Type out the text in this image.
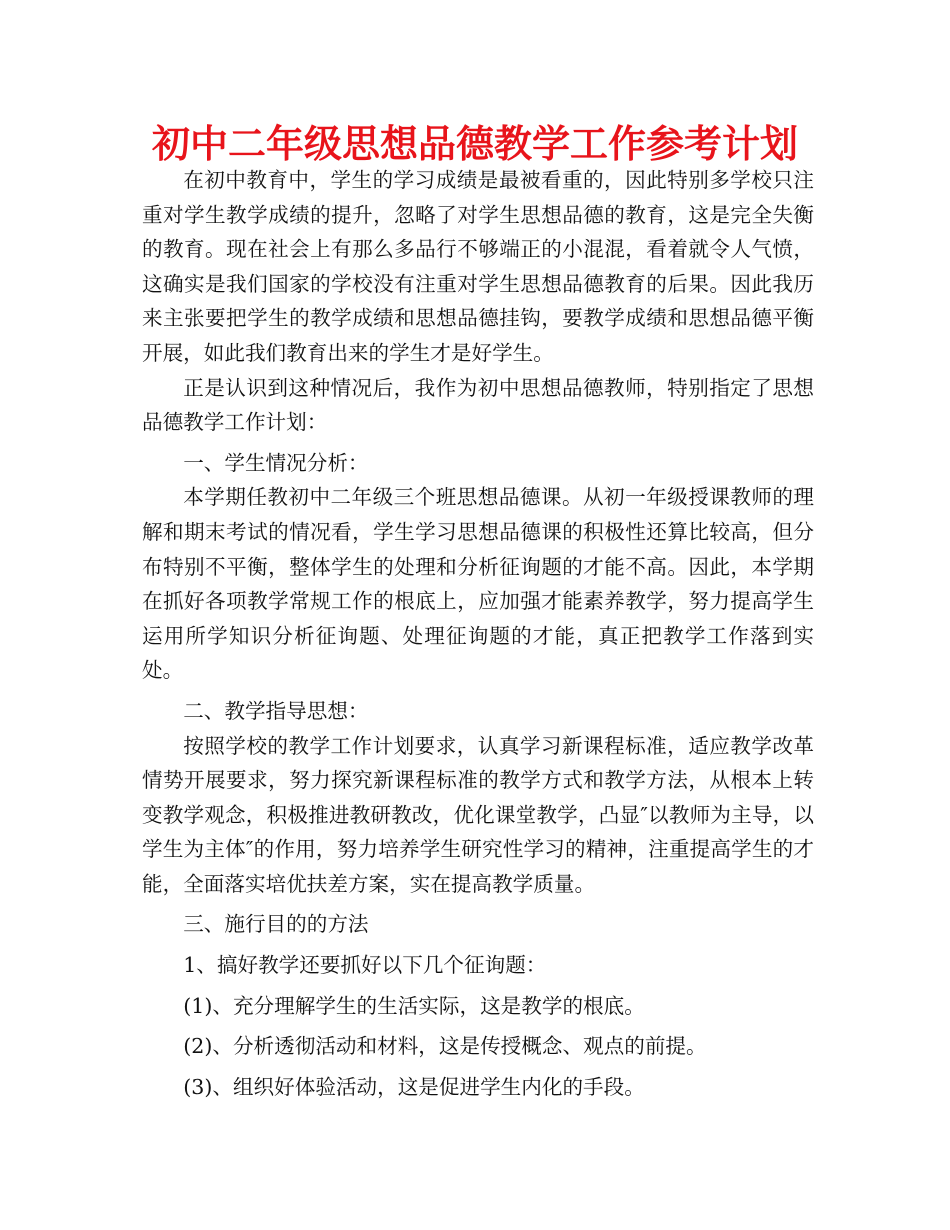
初中二年级思想品德教学工作参考计划

在初中教育中，学生的学习成绩是最被看重的，因此特别多学校只注重对学生教学成绩的提升，忽略了对学生思想品德的教育，这是完全失衡的教育。现在社会上有那么多品行不够端正的小混混，看着就令人气愤，这确实是我们国家的学校没有注重对学生思想品德教育的后果。因此我历来主张要把学生的教学成绩和思想品德挂钩，要教学成绩和思想品德平衡开展，如此我们教育出来的学生才是好学生。

正是认识到这种情况后，我作为初中思想品德教师，特别指定了思想品德教学工作计划：

一、学生情况分析：

本学期任教初中二年级三个班思想品德课。从初一年级授课教师的理解和期末考试的情况看，学生学习思想品德课的积极性还算比较高，但分布特别不平衡，整体学生的处理和分析征询题的才能不高。因此，本学期在抓好各项教学常规工作的根底上，应加强才能素养教学，努力提高学生运用所学知识分析征询题、处理征询题的才能，真正把教学工作落到实处。

二、教学指导思想：

按照学校的教学工作计划要求，认真学习新课程标准，适应教学改革情势开展要求，努力探究新课程标准的教学方式和教学方法，从根本上转变教学观念，积极推进教研教改，优化课堂教学，凸显″以教师为主导，以学生为主体″的作用，努力培养学生研究性学习的精神，注重提高学生的才能，全面落实培优扶差方案，实在提高教学质量。

三、施行目的的方法

1、搞好教学还要抓好以下几个征询题：

(1)、充分理解学生的生活实际，这是教学的根底。

(2)、分析透彻活动和材料，这是传授概念、观点的前提。

(3)、组织好体验活动，这是促进学生内化的手段。
